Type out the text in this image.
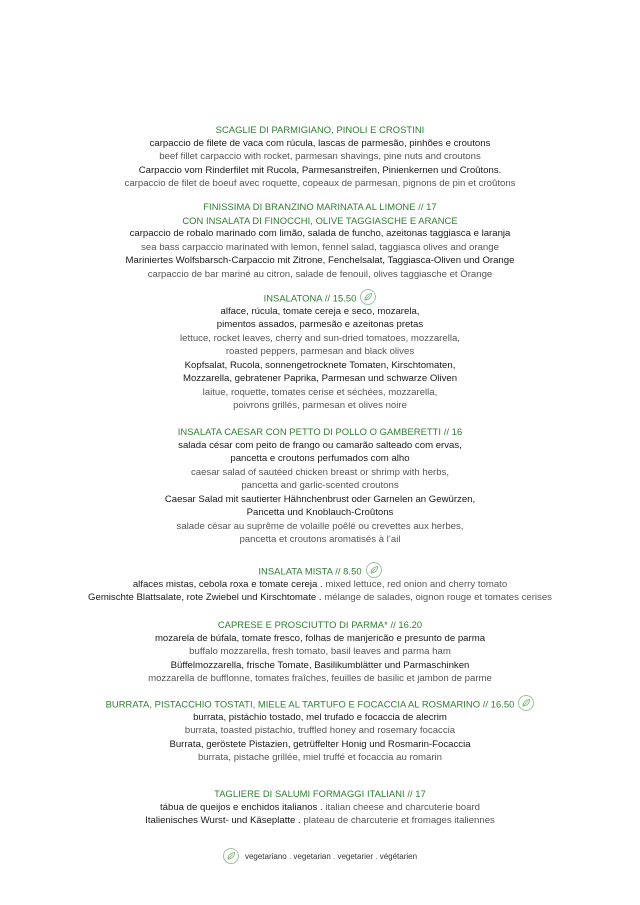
SCAGLIE DI PARMIGIANO, PINOLI E CROSTINI
carpaccio de filete de vaca com rúcula, lascas de parmesão, pinhões e croutons
beef fillet carpaccio with rocket, parmesan shavings, pine nuts and croutons
Carpaccio vom Rinderfilet mit Rucola, Parmesanstreifen, Pinienkernen und Croûtons.
carpaccio de filet de boeuf avec roquette, copeaux de parmesan, pignons de pin et croûtons
FINISSIMA DI BRANZINO MARINATA AL LIMONE // 17
CON INSALATA DI FINOCCHI, OLIVE TAGGIASCHE E ARANCE
carpaccio de robalo marinado com limão, salada de funcho, azeitonas taggiasca e laranja
sea bass carpaccio marinated with lemon, fennel salad, taggiasca olives and orange
Mariniertes Wolfsbarsch-Carpaccio mit Zitrone, Fenchelsalat, Taggiasca-Oliven und Orange
carpaccio de bar mariné au citron, salade de fenouil, olives taggiasche et Orange
INSALATONA // 15.50
alface, rúcula, tomate cereja e seco, mozarela,
pimentos assados, parmesão e azeitonas pretas
lettuce, rocket leaves, cherry and sun-dried tomatoes, mozzarella,
roasted peppers, parmesan and black olives
Kopfsalat, Rucola, sonnengetrocknete Tomaten, Kirschtomaten,
Mozzarella, gebratener Paprika, Parmesan und schwarze Oliven
laitue, roquette, tomates cerise et séchées, mozzarella,
poivrons grillés, parmesan et olives noire
INSALATA CAESAR CON PETTO DI POLLO O GAMBERETTI // 16
salada césar com peito de frango ou camarão salteado com ervas,
pancetta e croutons perfumados com alho
caesar salad of sautéed chicken breast or shrimp with herbs,
pancetta and garlic-scented croutons
Caesar Salad mit sautierter Hähnchenbrust oder Garnelen an Gewürzen,
Pancetta und Knoblauch-Croûtons
salade césar au suprême de volaille poêlé ou crevettes aux herbes,
pancetta et croutons aromatisés à l’ail
INSALATA MISTA // 8.50
alfaces mistas, cebola roxa e tomate cereja . mixed lettuce, red onion and cherry tomato
Gemischte Blattsalate, rote Zwiebel und Kirschtomate . mélange de salades, oignon rouge et tomates cerises
CAPRESE E PROSCIUTTO DI PARMA* // 16.20
mozarela de búfala, tomate fresco, folhas de manjericão e presunto de parma
buffalo mozzarella, fresh tomato, basil leaves and parma ham
Büffelmozzarella, frische Tomate, Basilikumblätter und Parmaschinken
mozzarella de bufflonne, tomates fraîches, feuilles de basilic et jambon de parme
BURRATA, PISTACCHIO TOSTATI, MIELE AL TARTUFO E FOCACCIA AL ROSMARINO // 16.50
burrata, pistáchio tostado, mel trufado e focaccia de alecrim
burrata, toasted pistachio, truffled honey and rosemary focaccia
Burrata, geröstete Pistazien, getrüffelter Honig und Rosmarin-Focaccia
burrata, pistache grillée, miel truffé et focaccia au romarin
TAGLIERE DI SALUMI FORMAGGI ITALIANI // 17
tábua de queijos e enchidos italianos . italian cheese and charcuterie board
Italienisches Wurst- und Käseplatte . plateau de charcuterie et fromages italiennes
vegetariano . vegetarian . vegetarier . végétarien
